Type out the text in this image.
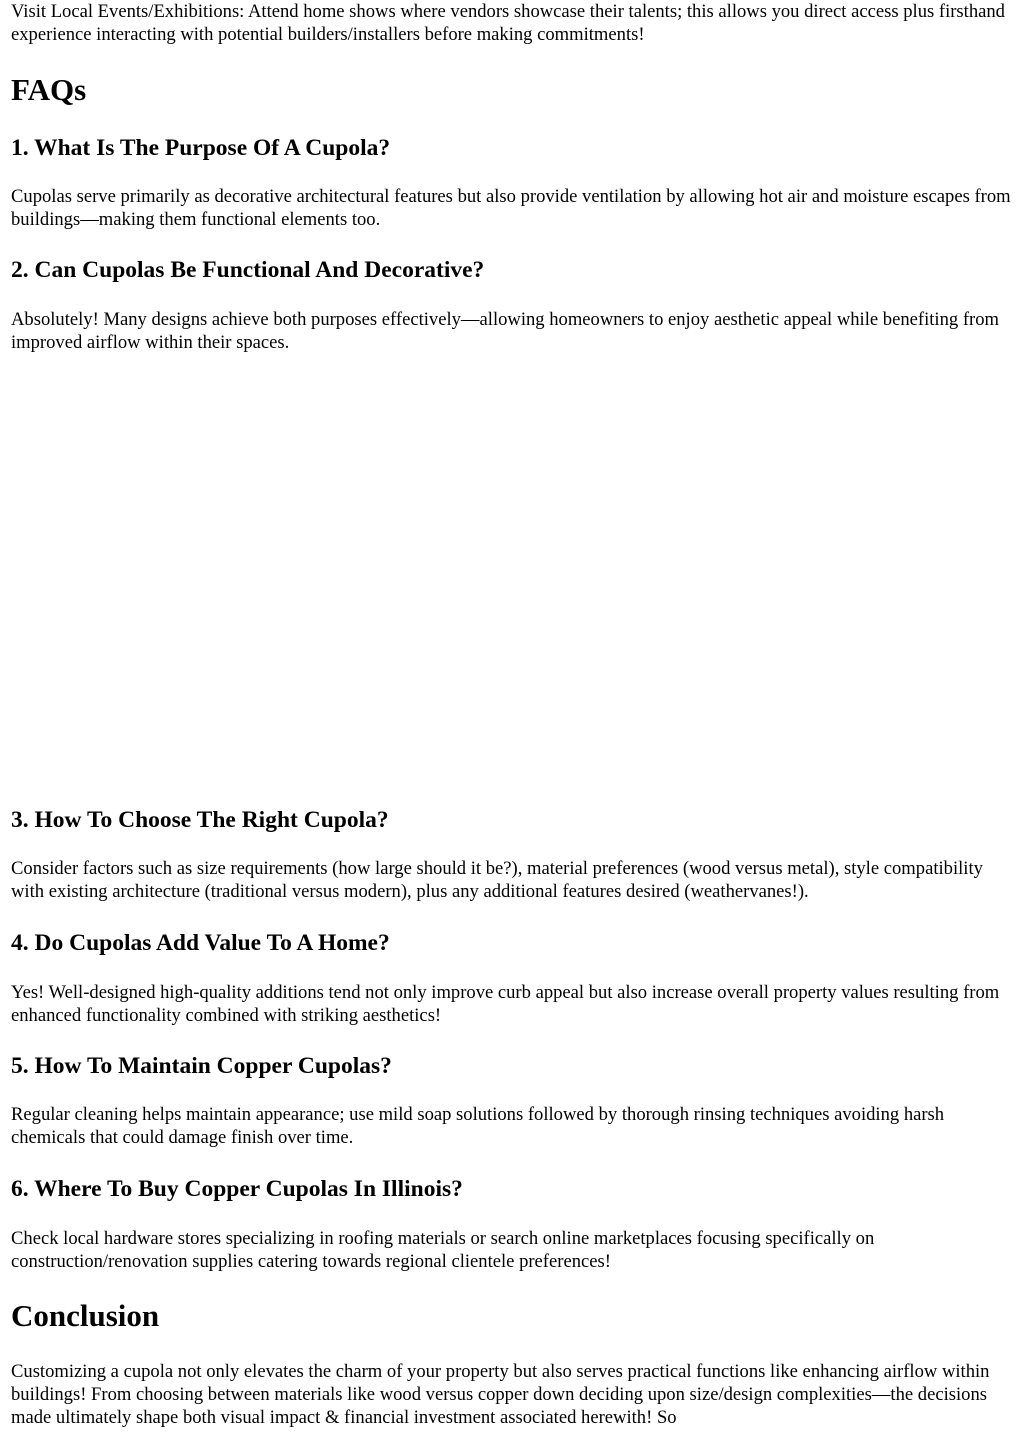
Visit Local Events/Exhibitions: Attend home shows where vendors showcase their talents; this allows you direct access plus firsthand experience interacting with potential builders/installers before making commitments!

FAQs
1. What Is The Purpose Of A Cupola?

Cupolas serve primarily as decorative architectural features but also provide ventilation by allowing hot air and moisture escapes from buildings—making them functional elements too.

2. Can Cupolas Be Functional And Decorative?

Absolutely! Many designs achieve both purposes effectively—allowing homeowners to enjoy aesthetic appeal while benefiting from improved airflow within their spaces.

3. How To Choose The Right Cupola?

Consider factors such as size requirements (how large should it be?), material preferences (wood versus metal), style compatibility with existing architecture (traditional versus modern), plus any additional features desired (weathervanes!).

4. Do Cupolas Add Value To A Home?

Yes! Well-designed high-quality additions tend not only improve curb appeal but also increase overall property values resulting from enhanced functionality combined with striking aesthetics!

5. How To Maintain Copper Cupolas?

Regular cleaning helps maintain appearance; use mild soap solutions followed by thorough rinsing techniques avoiding harsh chemicals that could damage finish over time.

6. Where To Buy Copper Cupolas In Illinois?

Check local hardware stores specializing in roofing materials or search online marketplaces focusing specifically on construction/renovation supplies catering towards regional clientele preferences!

Conclusion

Customizing a cupola not only elevates the charm of your property but also serves practical functions like enhancing airflow within buildings! From choosing between materials like wood versus copper down deciding upon size/design complexities—the decisions made ultimately shape both visual impact & financial investment associated herewith! So
